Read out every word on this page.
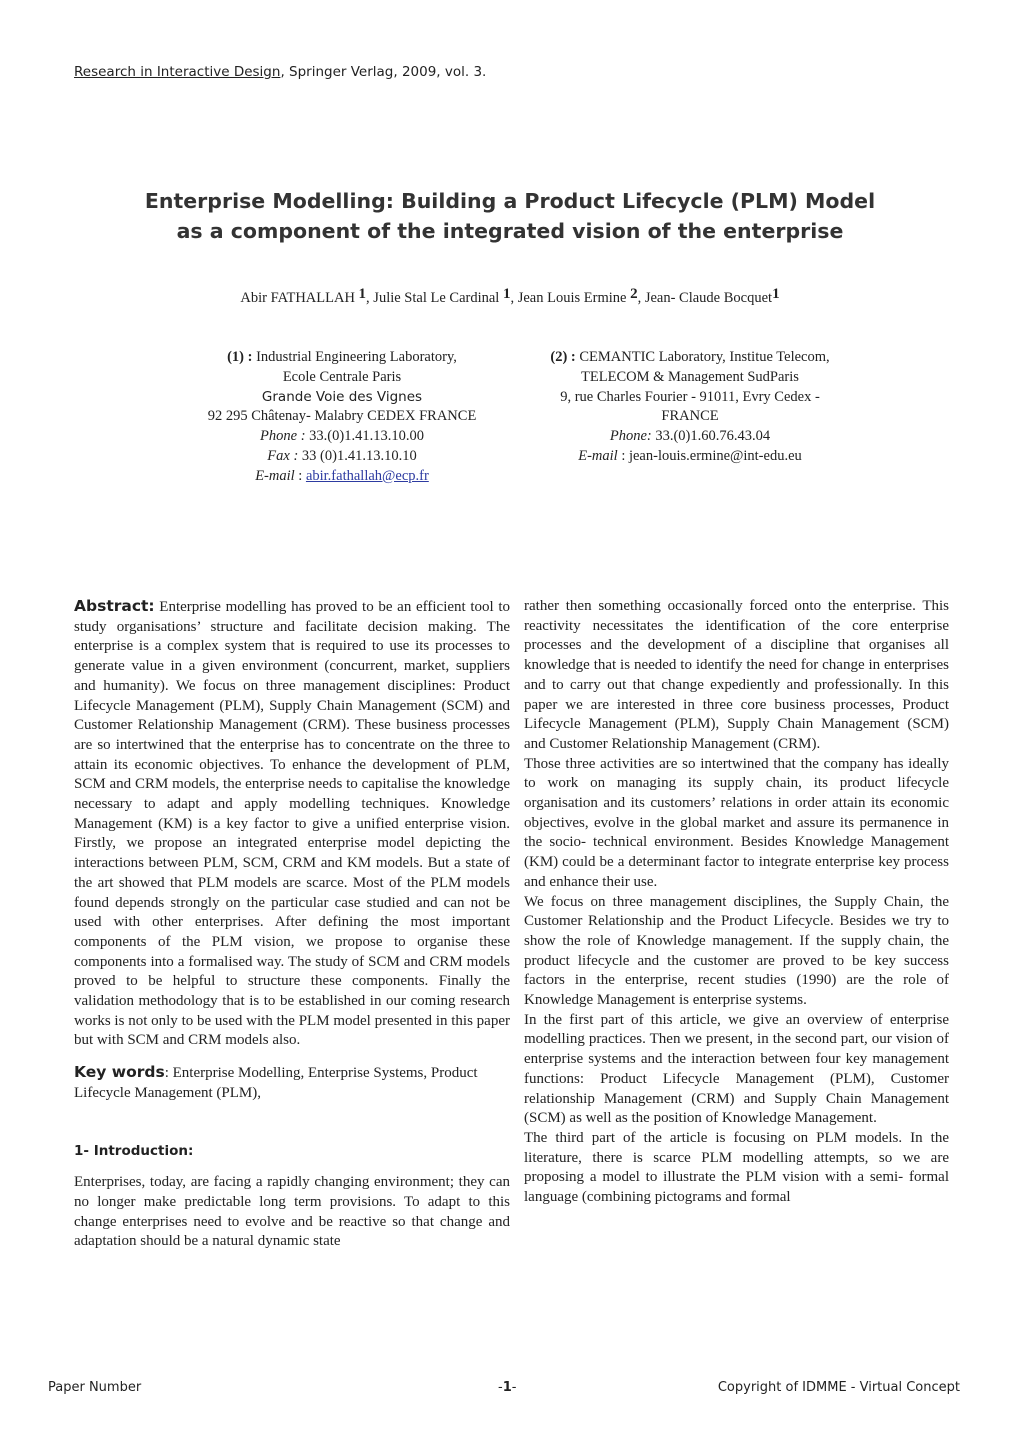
Research in Interactive Design, Springer Verlag, 2009, vol. 3.
Enterprise Modelling: Building a Product Lifecycle (PLM) Model
as a component of the integrated vision of the enterprise
Abir FATHALLAH $^1$, Julie Stal Le Cardinal $^1$, Jean Louis Ermine $^2$, Jean- Claude Bocquet$^1$
(1) : Industrial Engineering Laboratory,
Ecole Centrale Paris
Grande Voie des Vignes
92 295 Châtenay- Malabry CEDEX FRANCE
Phone : 33.(0)1.41.13.10.00
Fax : 33 (0)1.41.13.10.10
E-mail : abir.fathallah@ecp.fr
(2) : CEMANTIC Laboratory, Institue Telecom,
TELECOM & Management SudParis
9, rue Charles Fourier - 91011, Evry Cedex -
FRANCE
Phone: 33.(0)1.60.76.43.04
E-mail : jean-louis.ermine@int-edu.eu

Abstract: Enterprise modelling has proved to be an efficient tool to study organisations’ structure and facilitate decision making. The enterprise is a complex system that is required to use its processes to generate value in a given environment (concurrent, market, suppliers and humanity). We focus on three management disciplines: Product Lifecycle Management (PLM), Supply Chain Management (SCM) and Customer Relationship Management (CRM). These business processes are so intertwined that the enterprise has to concentrate on the three to attain its economic objectives. To enhance the development of PLM, SCM and CRM models, the enterprise needs to capitalise the knowledge necessary to adapt and apply modelling techniques. Knowledge Management (KM) is a key factor to give a unified enterprise vision. Firstly, we propose an integrated enterprise model depicting the interactions between PLM, SCM, CRM and KM models. But a state of the art showed that PLM models are scarce. Most of the PLM models found depends strongly on the particular case studied and can not be used with other enterprises. After defining the most important components of the PLM vision, we propose to organise these components into a formalised way. The study of SCM and CRM models proved to be helpful to structure these components. Finally the validation methodology that is to be established in our coming research works is not only to be used with the PLM model presented in this paper but with SCM and CRM models also.

Key words: Enterprise Modelling, Enterprise Systems, Product Lifecycle Management (PLM),

1- Introduction:

Enterprises, today, are facing a rapidly changing environment; they can no longer make predictable long term provisions. To adapt to this change enterprises need to evolve and be reactive so that change and adaptation should be a natural dynamic state

rather then something occasionally forced onto the enterprise. This reactivity necessitates the identification of the core enterprise processes and the development of a discipline that organises all knowledge that is needed to identify the need for change in enterprises and to carry out that change expediently and professionally. In this paper we are interested in three core business processes, Product Lifecycle Management (PLM), Supply Chain Management (SCM) and Customer Relationship Management (CRM).

Those three activities are so intertwined that the company has ideally to work on managing its supply chain, its product lifecycle organisation and its customers’ relations in order attain its economic objectives, evolve in the global market and assure its permanence in the socio- technical environment. Besides Knowledge Management (KM) could be a determinant factor to integrate enterprise key process and enhance their use.

We focus on three management disciplines, the Supply Chain, the Customer Relationship and the Product Lifecycle. Besides we try to show the role of Knowledge management. If the supply chain, the product lifecycle and the customer are proved to be key success factors in the enterprise, recent studies (1990) are the role of Knowledge Management is enterprise systems.

In the first part of this article, we give an overview of enterprise modelling practices. Then we present, in the second part, our vision of enterprise systems and the interaction between four key management functions: Product Lifecycle Management (PLM), Customer relationship Management (CRM) and Supply Chain Management (SCM) as well as the position of Knowledge Management.

The third part of the article is focusing on PLM models. In the literature, there is scarce PLM modelling attempts, so we are proposing a model to illustrate the PLM vision with a semi- formal language (combining pictograms and formal

Paper Number	-1-	Copyright of IDMME - Virtual Concept
